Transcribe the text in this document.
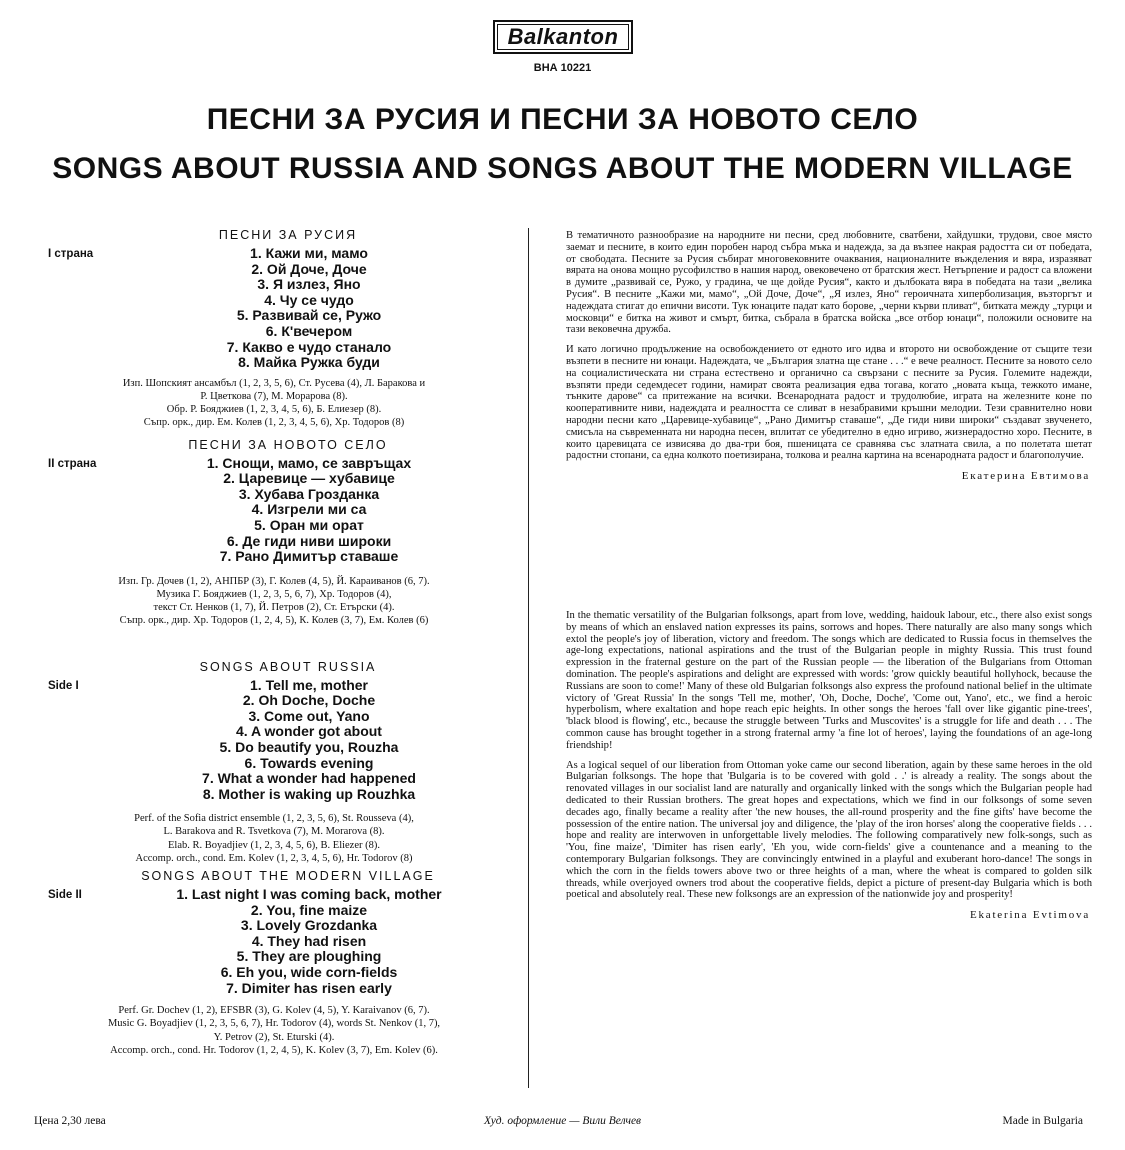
Balkanton
ВНА 10221
ПЕСНИ ЗА РУСИЯ И ПЕСНИ ЗА НОВОТО СЕЛО
SONGS ABOUT RUSSIA AND SONGS ABOUT THE MODERN VILLAGE
ПЕСНИ ЗА РУСИЯ
I страна	1. Кажи ми, мамо
2. Ой Доче, Доче
3. Я излез, Яно
4. Чу се чудо
5. Развивай се, Ружо
6. К'вечером
7. Какво е чудо станало
8. Майка Ружка буди
Изп. Шопският ансамбъл (1, 2, 3, 5, 6), Ст. Русева (4), Л. Баракова и
Р. Цветкова (7), М. Морарова (8).
Обр. Р. Бояджиев (1, 2, 3, 4, 5, 6), Б. Елиезер (8).
Съпр. орк., дир. Ем. Колев (1, 2, 3, 4, 5, 6), Хр. Тодоров (8)
ПЕСНИ ЗА НОВОТО СЕЛО
II страна	1. Снощи, мамо, се завръщах
2. Царевице — хубавице
3. Хубава Грозданка
4. Изгрели ми са
5. Оран ми орат
6. Де гиди ниви широки
7. Рано Димитър ставаше
Изп. Гр. Дочев (1, 2), АНПБР (3), Г. Колев (4, 5), Й. Караиванов (6, 7).
Музика Г. Бояджиев (1, 2, 3, 5, 6, 7), Хр. Тодоров (4),
текст Ст. Ненков (1, 7), Й. Петров (2), Ст. Етърски (4).
Съпр. орк., дир. Хр. Тодоров (1, 2, 4, 5), К. Колев (3, 7), Ем. Колев (6)
SONGS ABOUT RUSSIA
Side I	1. Tell me, mother
2. Oh Doche, Doche
3. Come out, Yano
4. A wonder got about
5. Do beautify you, Rouzha
6. Towards evening
7. What a wonder had happened
8. Mother is waking up Rouzhka
Perf. of the Sofia district ensemble (1, 2, 3, 5, 6), St. Rousseva (4),
L. Barakova and R. Tsvetkova (7), M. Morarova (8).
Elab. R. Boyadjiev (1, 2, 3, 4, 5, 6), B. Eliezer (8).
Accomp. orch., cond. Em. Kolev (1, 2, 3, 4, 5, 6), Hr. Todorov (8)
SONGS ABOUT THE MODERN VILLAGE
Side II	1. Last night I was coming back, mother
2. You, fine maize
3. Lovely Grozdanka
4. They had risen
5. They are ploughing
6. Eh you, wide corn-fields
7. Dimiter has risen early
Perf. Gr. Dochev (1, 2), EFSBR (3), G. Kolev (4, 5), Y. Karaivanov (6, 7).
Music G. Boyadjiev (1, 2, 3, 5, 6, 7), Hr. Todorov (4), words St. Nenkov (1, 7),
Y. Petrov (2), St. Eturski (4).
Accomp. orch., cond. Hr. Todorov (1, 2, 4, 5), K. Kolev (3, 7), Em. Kolev (6).

В тематичното разнообразие на народните ни песни, сред любовните, сватбени, хайдушки, трудови, свое място заемат и песните, в които един поробен народ събра мъка и надежда, за да възпее накрая радостта си от победата, от свободата. Песните за Русия събират многовековните очаквания, националните въжделения и вяра, изразяват вярата на онова мощно русофилство в нашия народ, овековечено от братския жест. Нетърпение и радост са вложени в думите „развивай се, Ружо, у градина, че ще дойде Русия“, както и дълбоката вяра в победата на тази „велика Русия“. В песните „Кажи ми, мамо“, „Ой Доче, Доче“, „Я излез, Яно“ героичната хиперболизация, възторгът и надеждата стигат до епични висоти. Тук юнаците падат като борове, „черни кърви пливат“, битката между „турци и московци“ е битка на живот и смърт, битка, събрала в братска войска „все отбор юнаци“, положили основите на тази вековечна дружба.

И като логично продължение на освобождението от едното иго идва и второто ни освобождение от същите тези възпети в песните ни юнаци. Надеждата, че „България златна ще стане . . .“ е вече реалност. Песните за новото село на социалистическата ни страна естествено и органично са свързани с песните за Русия. Големите надежди, възпяти преди седемдесет години, намират своята реализация едва тогава, когато „новата къща, тежкото имане, тънките дарове“ са притежание на всички. Всенародната радост и трудолюбие, играта на железните коне по кооперативните ниви, надеждата и реалността се сливат в незабравими кръшни мелодии. Тези сравнително нови народни песни като „Царевице-хубавице“, „Рано Димитър ставаше“, „Де гиди ниви широки“ създават звученето, смисъла на съвременната ни народна песен, вплитат се убедително в едно игриво, жизнерадостно хоро. Песните, в които царевицата се извисява до два-три боя, пшеницата се сравнява със златната свила, а по полетата шетат радостни стопани, са една колкото поетизирана, толкова и реална картина на всенародната радост и благополучие.

Екатерина Евтимова

In the thematic versatility of the Bulgarian folksongs, apart from love, wedding, haidouk labour, etc., there also exist songs by means of which an enslaved nation expresses its pains, sorrows and hopes. There naturally are also many songs which extol the people's joy of liberation, victory and freedom. The songs which are dedicated to Russia focus in themselves the age-long expectations, national aspirations and the trust of the Bulgarian people in mighty Russia. This trust found expression in the fraternal gesture on the part of the Russian people — the liberation of the Bulgarians from Ottoman domination. The people's aspirations and delight are expressed with words: 'grow quickly beautiful hollyhock, because the Russians are soon to come!' Many of these old Bulgarian folksongs also express the profound national belief in the ultimate victory of 'Great Russia' In the songs 'Tell me, mother', 'Oh, Doche, Doche', 'Come out, Yano', etc., we find a heroic hyperbolism, where exaltation and hope reach epic heights. In other songs the heroes 'fall over like gigantic pine-trees', 'black blood is flowing', etc., because the struggle between 'Turks and Muscovites' is a struggle for life and death . . . The common cause has brought together in a strong fraternal army 'a fine lot of heroes', laying the foundations of an age-long friendship!

As a logical sequel of our liberation from Ottoman yoke came our second liberation, again by these same heroes in the old Bulgarian folksongs. The hope that 'Bulgaria is to be covered with gold . .' is already a reality. The songs about the renovated villages in our socialist land are naturally and organically linked with the songs which the Bulgarian people had dedicated to their Russian brothers. The great hopes and expectations, which we find in our folksongs of some seven decades ago, finally became a reality after 'the new houses, the all-round prosperity and the fine gifts' have become the possession of the entire nation. The universal joy and diligence, the 'play of the iron horses' along the cooperative fields . . . hope and reality are interwoven in unforgettable lively melodies. The following comparatively new folk-songs, such as 'You, fine maize', 'Dimiter has risen early', 'Eh you, wide corn-fields' give a countenance and a meaning to the contemporary Bulgarian folksongs. They are convincingly entwined in a playful and exuberant horo-dance! The songs in which the corn in the fields towers above two or three heights of a man, where the wheat is compared to golden silk threads, while overjoyed owners trod about the cooperative fields, depict a picture of present-day Bulgaria which is both poetical and absolutely real. These new folksongs are an expression of the nationwide joy and prosperity!

Ekaterina Evtimova
Цена 2,30 лева	Худ. оформление — Вили Велчев	Made in Bulgaria
